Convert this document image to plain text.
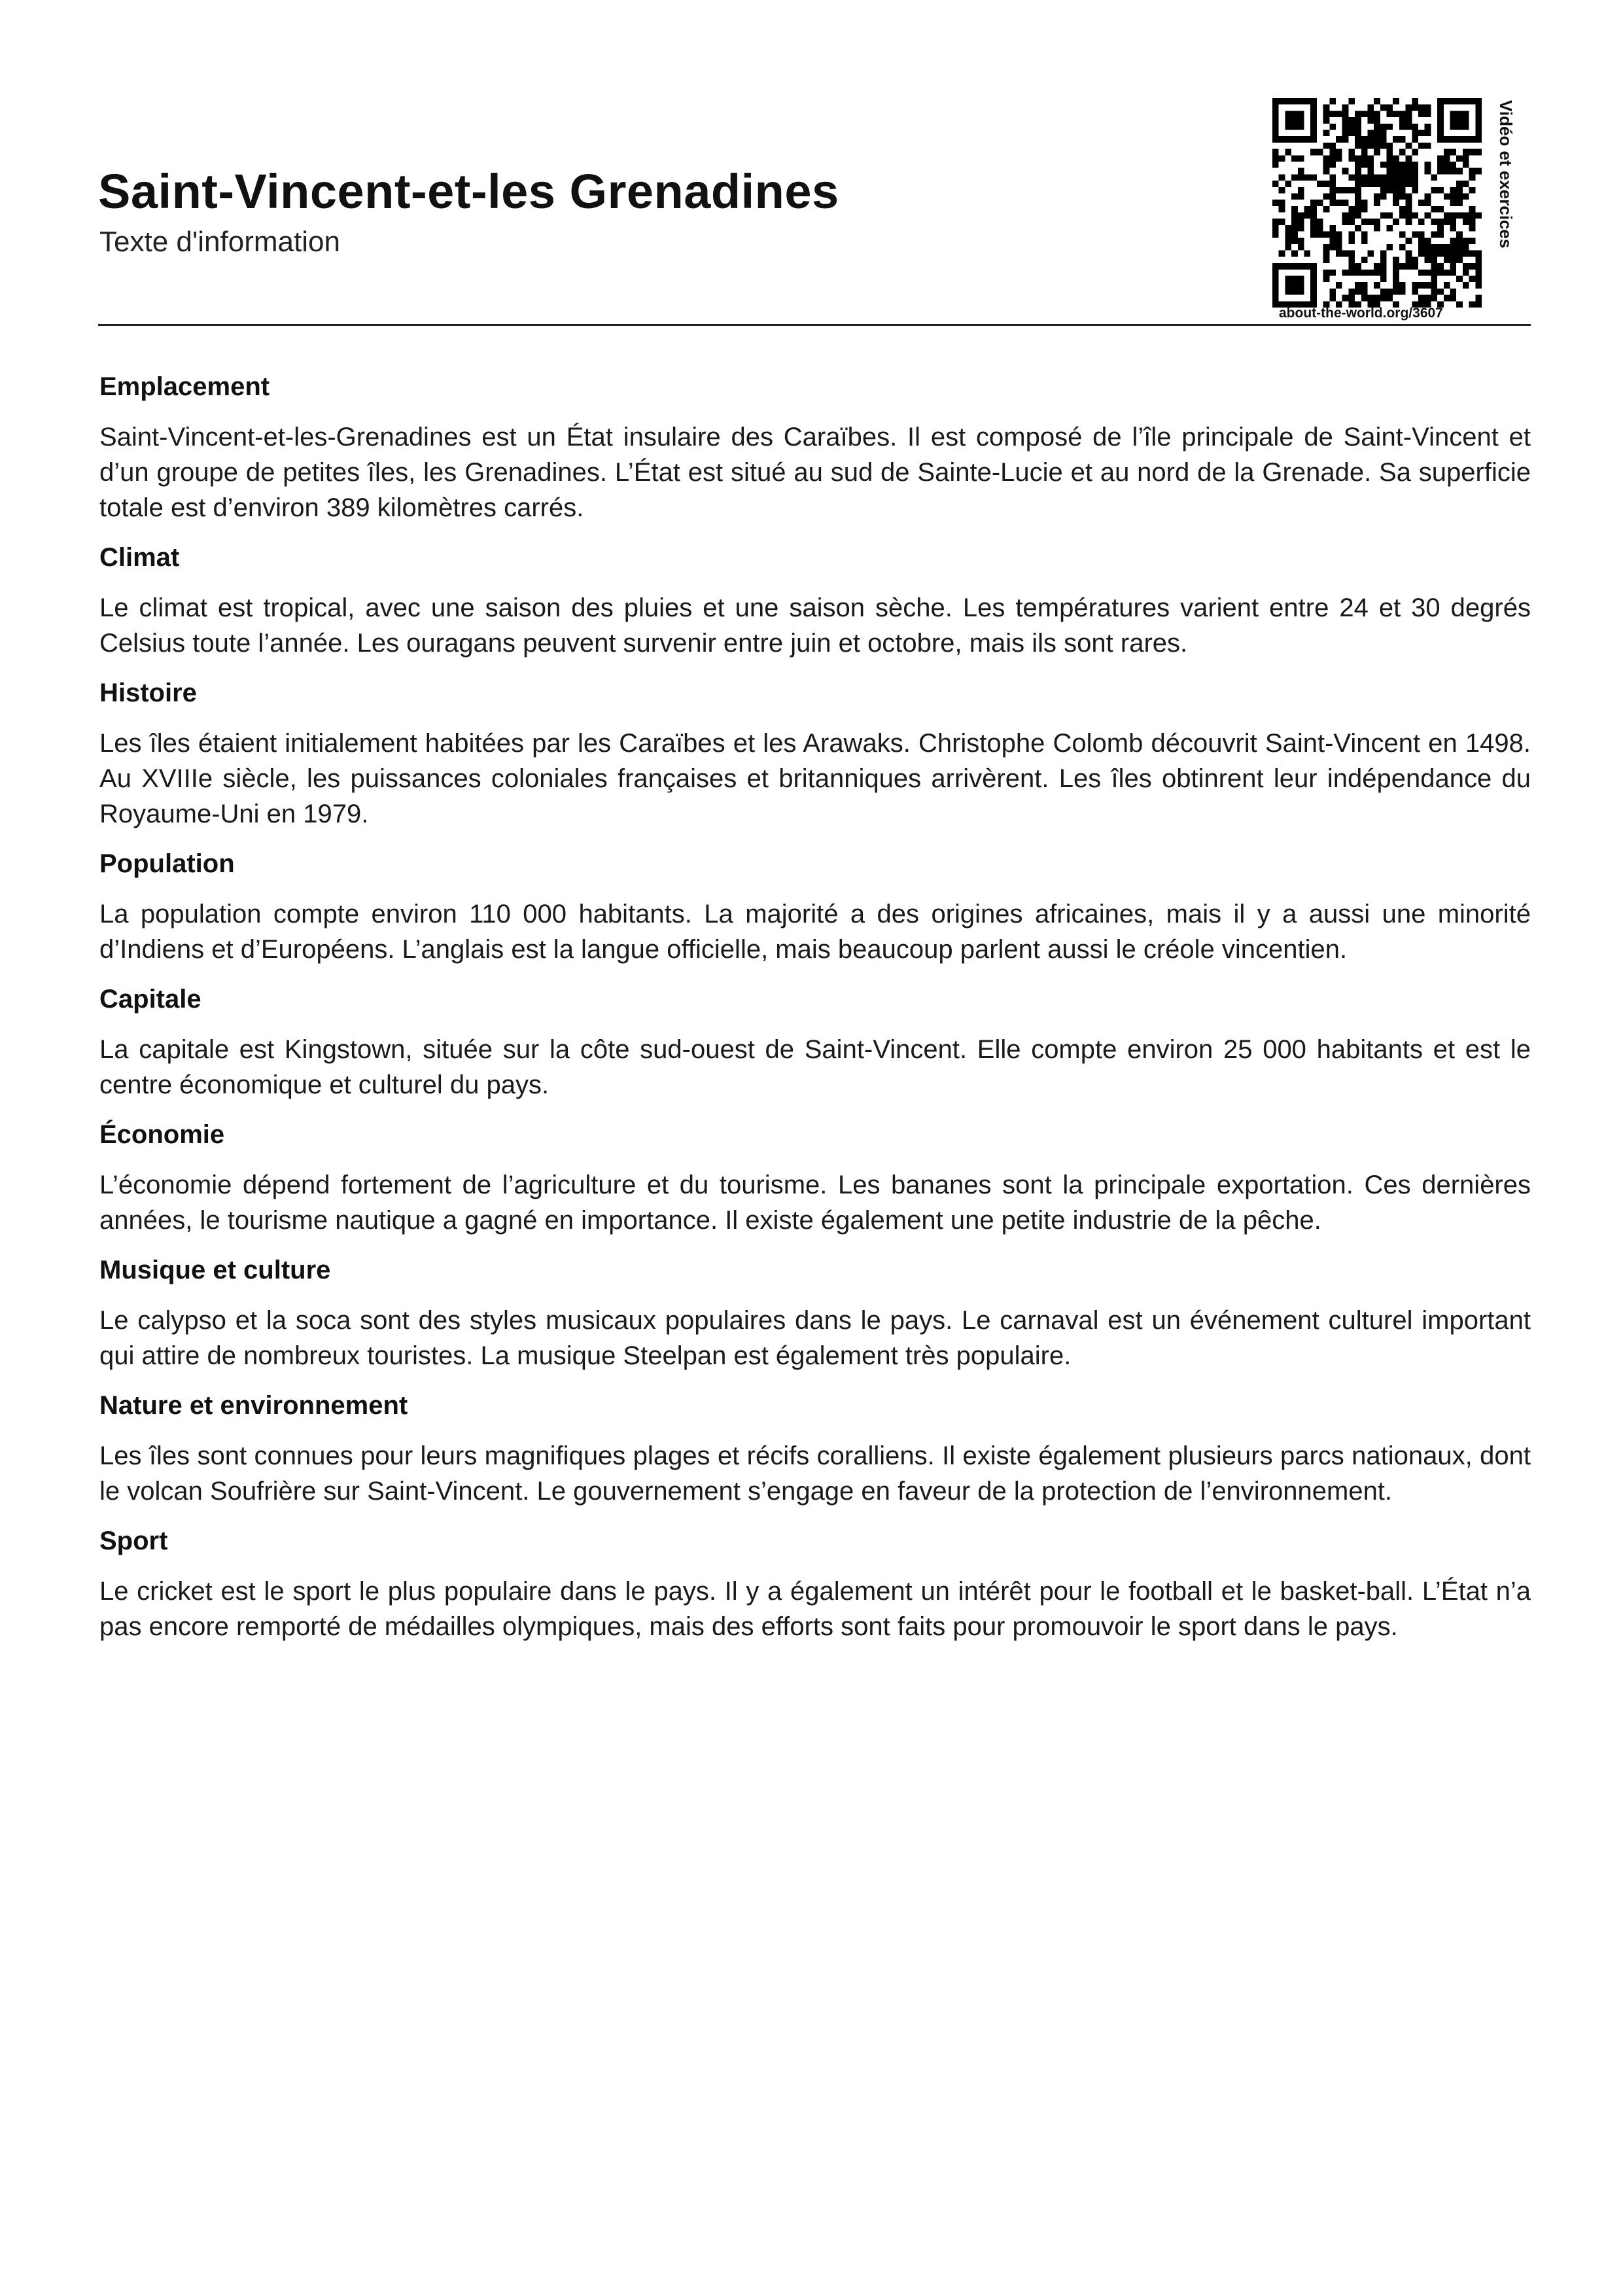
Saint-Vincent-et-les Grenadines
Texte d'information
about-the-world.org/3607
Vidéo et exercices
Emplacement

Saint-Vincent-et-les-Grenadines est un État insulaire des Caraïbes. Il est composé de l’île principale de Saint-Vincent et d’un groupe de petites îles, les Grenadines. L’État est situé au sud de Sainte-Lucie et au nord de la Grenade. Sa superficie totale est d’environ 389 kilomètres carrés.

Climat

Le climat est tropical, avec une saison des pluies et une saison sèche. Les températures varient entre 24 et 30 degrés Celsius toute l’année. Les ouragans peuvent survenir entre juin et octobre, mais ils sont rares.

Histoire

Les îles étaient initialement habitées par les Caraïbes et les Arawaks. Christophe Colomb découvrit Saint-Vincent en 1498. Au XVIIIe siècle, les puissances coloniales françaises et britanniques arrivèrent. Les îles obtinrent leur indépendance du Royaume-Uni en 1979.

Population

La population compte environ 110 000 habitants. La majorité a des origines africaines, mais il y a aussi une minorité d’Indiens et d’Européens. L’anglais est la langue officielle, mais beaucoup parlent aussi le créole vincentien.

Capitale

La capitale est Kingstown, située sur la côte sud-ouest de Saint-Vincent. Elle compte environ 25 000 habitants et est le centre économique et culturel du pays.

Économie

L’économie dépend fortement de l’agriculture et du tourisme. Les bananes sont la principale exportation. Ces dernières années, le tourisme nautique a gagné en importance. Il existe également une petite industrie de la pêche.

Musique et culture

Le calypso et la soca sont des styles musicaux populaires dans le pays. Le carnaval est un événement culturel important qui attire de nombreux touristes. La musique Steelpan est également très populaire.

Nature et environnement

Les îles sont connues pour leurs magnifiques plages et récifs coralliens. Il existe également plusieurs parcs nationaux, dont le volcan Soufrière sur Saint-Vincent. Le gouvernement s’engage en faveur de la protection de l’environnement.

Sport

Le cricket est le sport le plus populaire dans le pays. Il y a également un intérêt pour le football et le basket-ball. L’État n’a pas encore remporté de médailles olympiques, mais des efforts sont faits pour promouvoir le sport dans le pays.
